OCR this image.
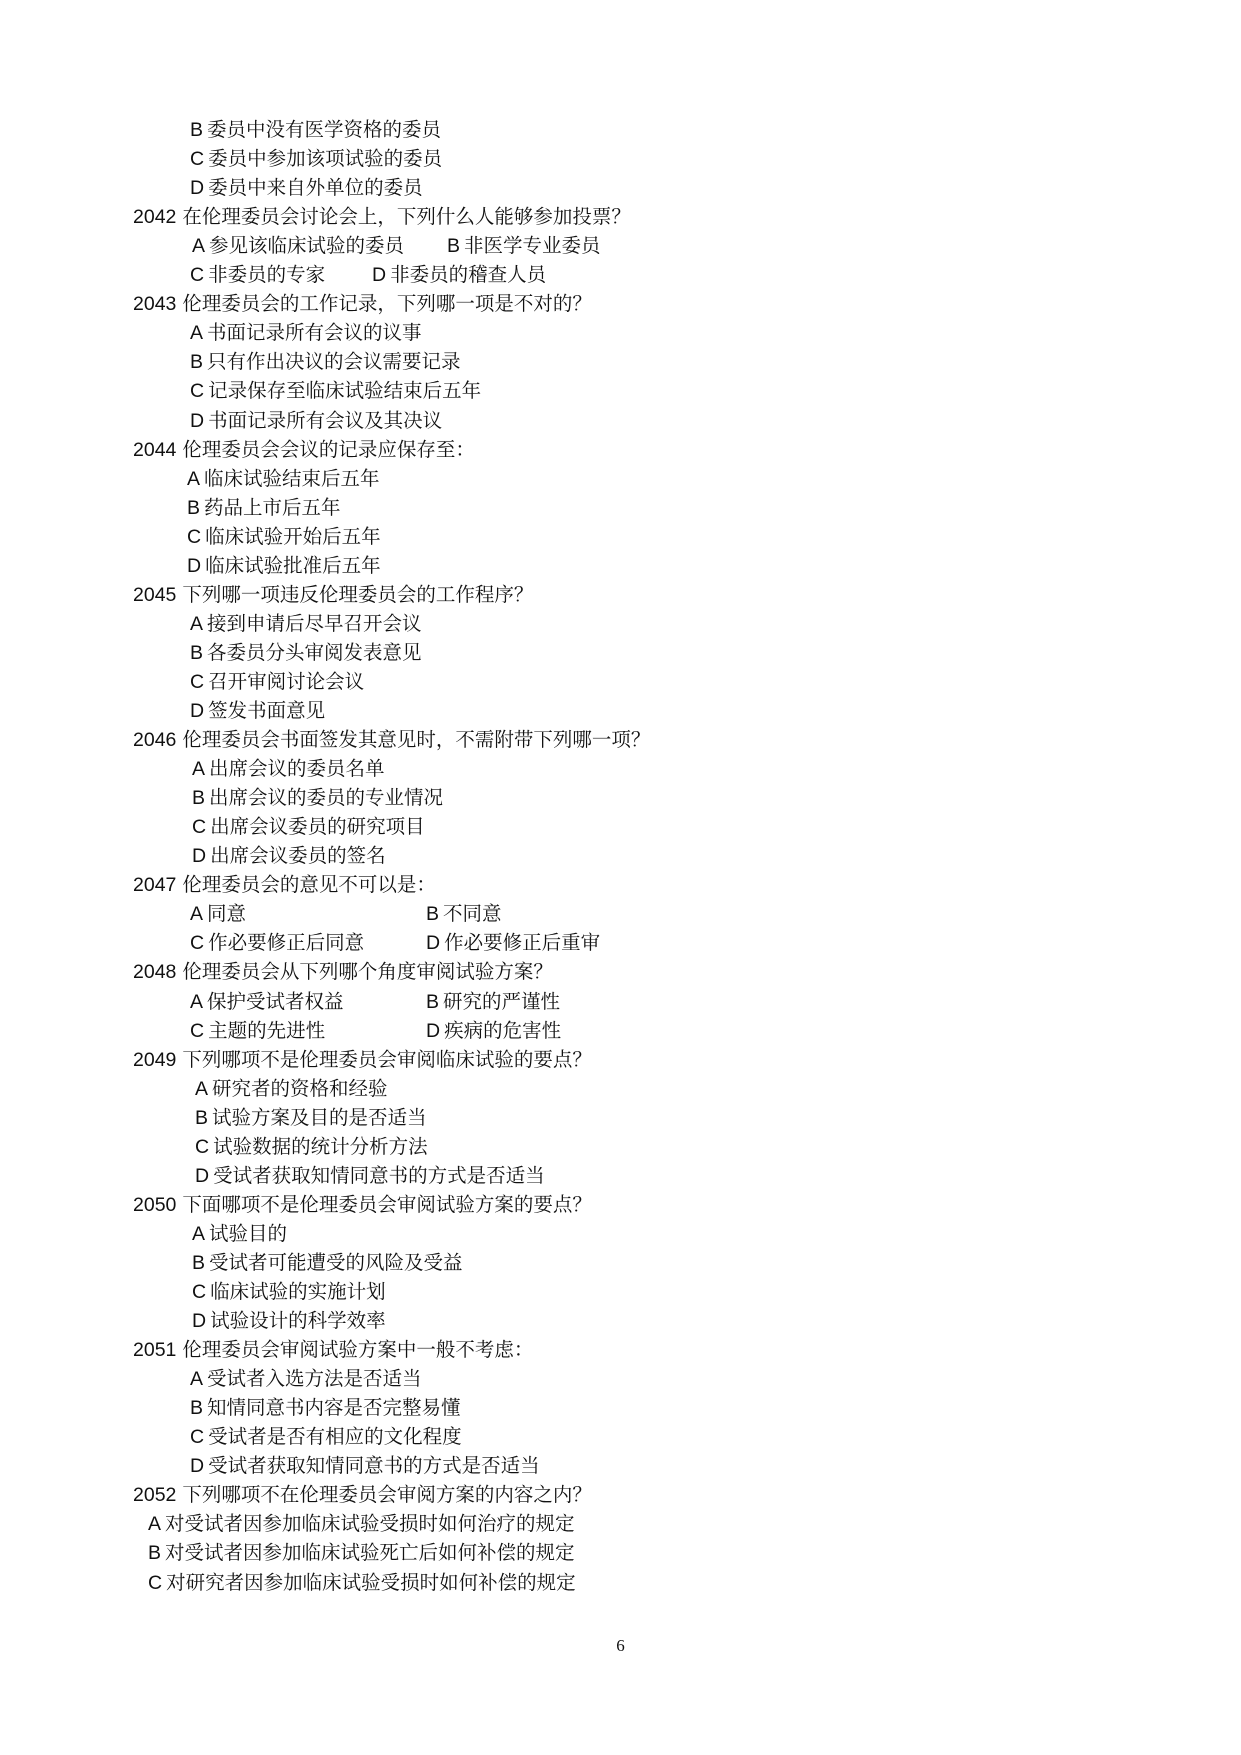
B 委员中没有医学资格的委员
C 委员中参加该项试验的委员
D 委员中来自外单位的委员
2042 在伦理委员会讨论会上，下列什么人能够参加投票？
A 参见该临床试验的委员 B 非医学专业委员
C 非委员的专家 D 非委员的稽查人员
2043 伦理委员会的工作记录，下列哪一项是不对的？
A 书面记录所有会议的议事
B 只有作出决议的会议需要记录
C 记录保存至临床试验结束后五年
D 书面记录所有会议及其决议
2044 伦理委员会会议的记录应保存至：
A 临床试验结束后五年
B 药品上市后五年
C 临床试验开始后五年
D 临床试验批准后五年
2045 下列哪一项违反伦理委员会的工作程序？
A 接到申请后尽早召开会议
B 各委员分头审阅发表意见
C 召开审阅讨论会议
D 签发书面意见
2046 伦理委员会书面签发其意见时，不需附带下列哪一项？
A 出席会议的委员名单
B 出席会议的委员的专业情况
C 出席会议委员的研究项目
D 出席会议委员的签名
2047 伦理委员会的意见不可以是：
A 同意	B 不同意
C 作必要修正后同意	D 作必要修正后重审
2048 伦理委员会从下列哪个角度审阅试验方案？
A 保护受试者权益	B 研究的严谨性
C 主题的先进性	D 疾病的危害性
2049 下列哪项不是伦理委员会审阅临床试验的要点？
A 研究者的资格和经验
B 试验方案及目的是否适当
C 试验数据的统计分析方法
D 受试者获取知情同意书的方式是否适当
2050 下面哪项不是伦理委员会审阅试验方案的要点？
A 试验目的
B 受试者可能遭受的风险及受益
C 临床试验的实施计划
D 试验设计的科学效率
2051 伦理委员会审阅试验方案中一般不考虑：
A 受试者入选方法是否适当
B 知情同意书内容是否完整易懂
C 受试者是否有相应的文化程度
D 受试者获取知情同意书的方式是否适当
2052 下列哪项不在伦理委员会审阅方案的内容之内？
A 对受试者因参加临床试验受损时如何治疗的规定
B 对受试者因参加临床试验死亡后如何补偿的规定
C 对研究者因参加临床试验受损时如何补偿的规定
6
